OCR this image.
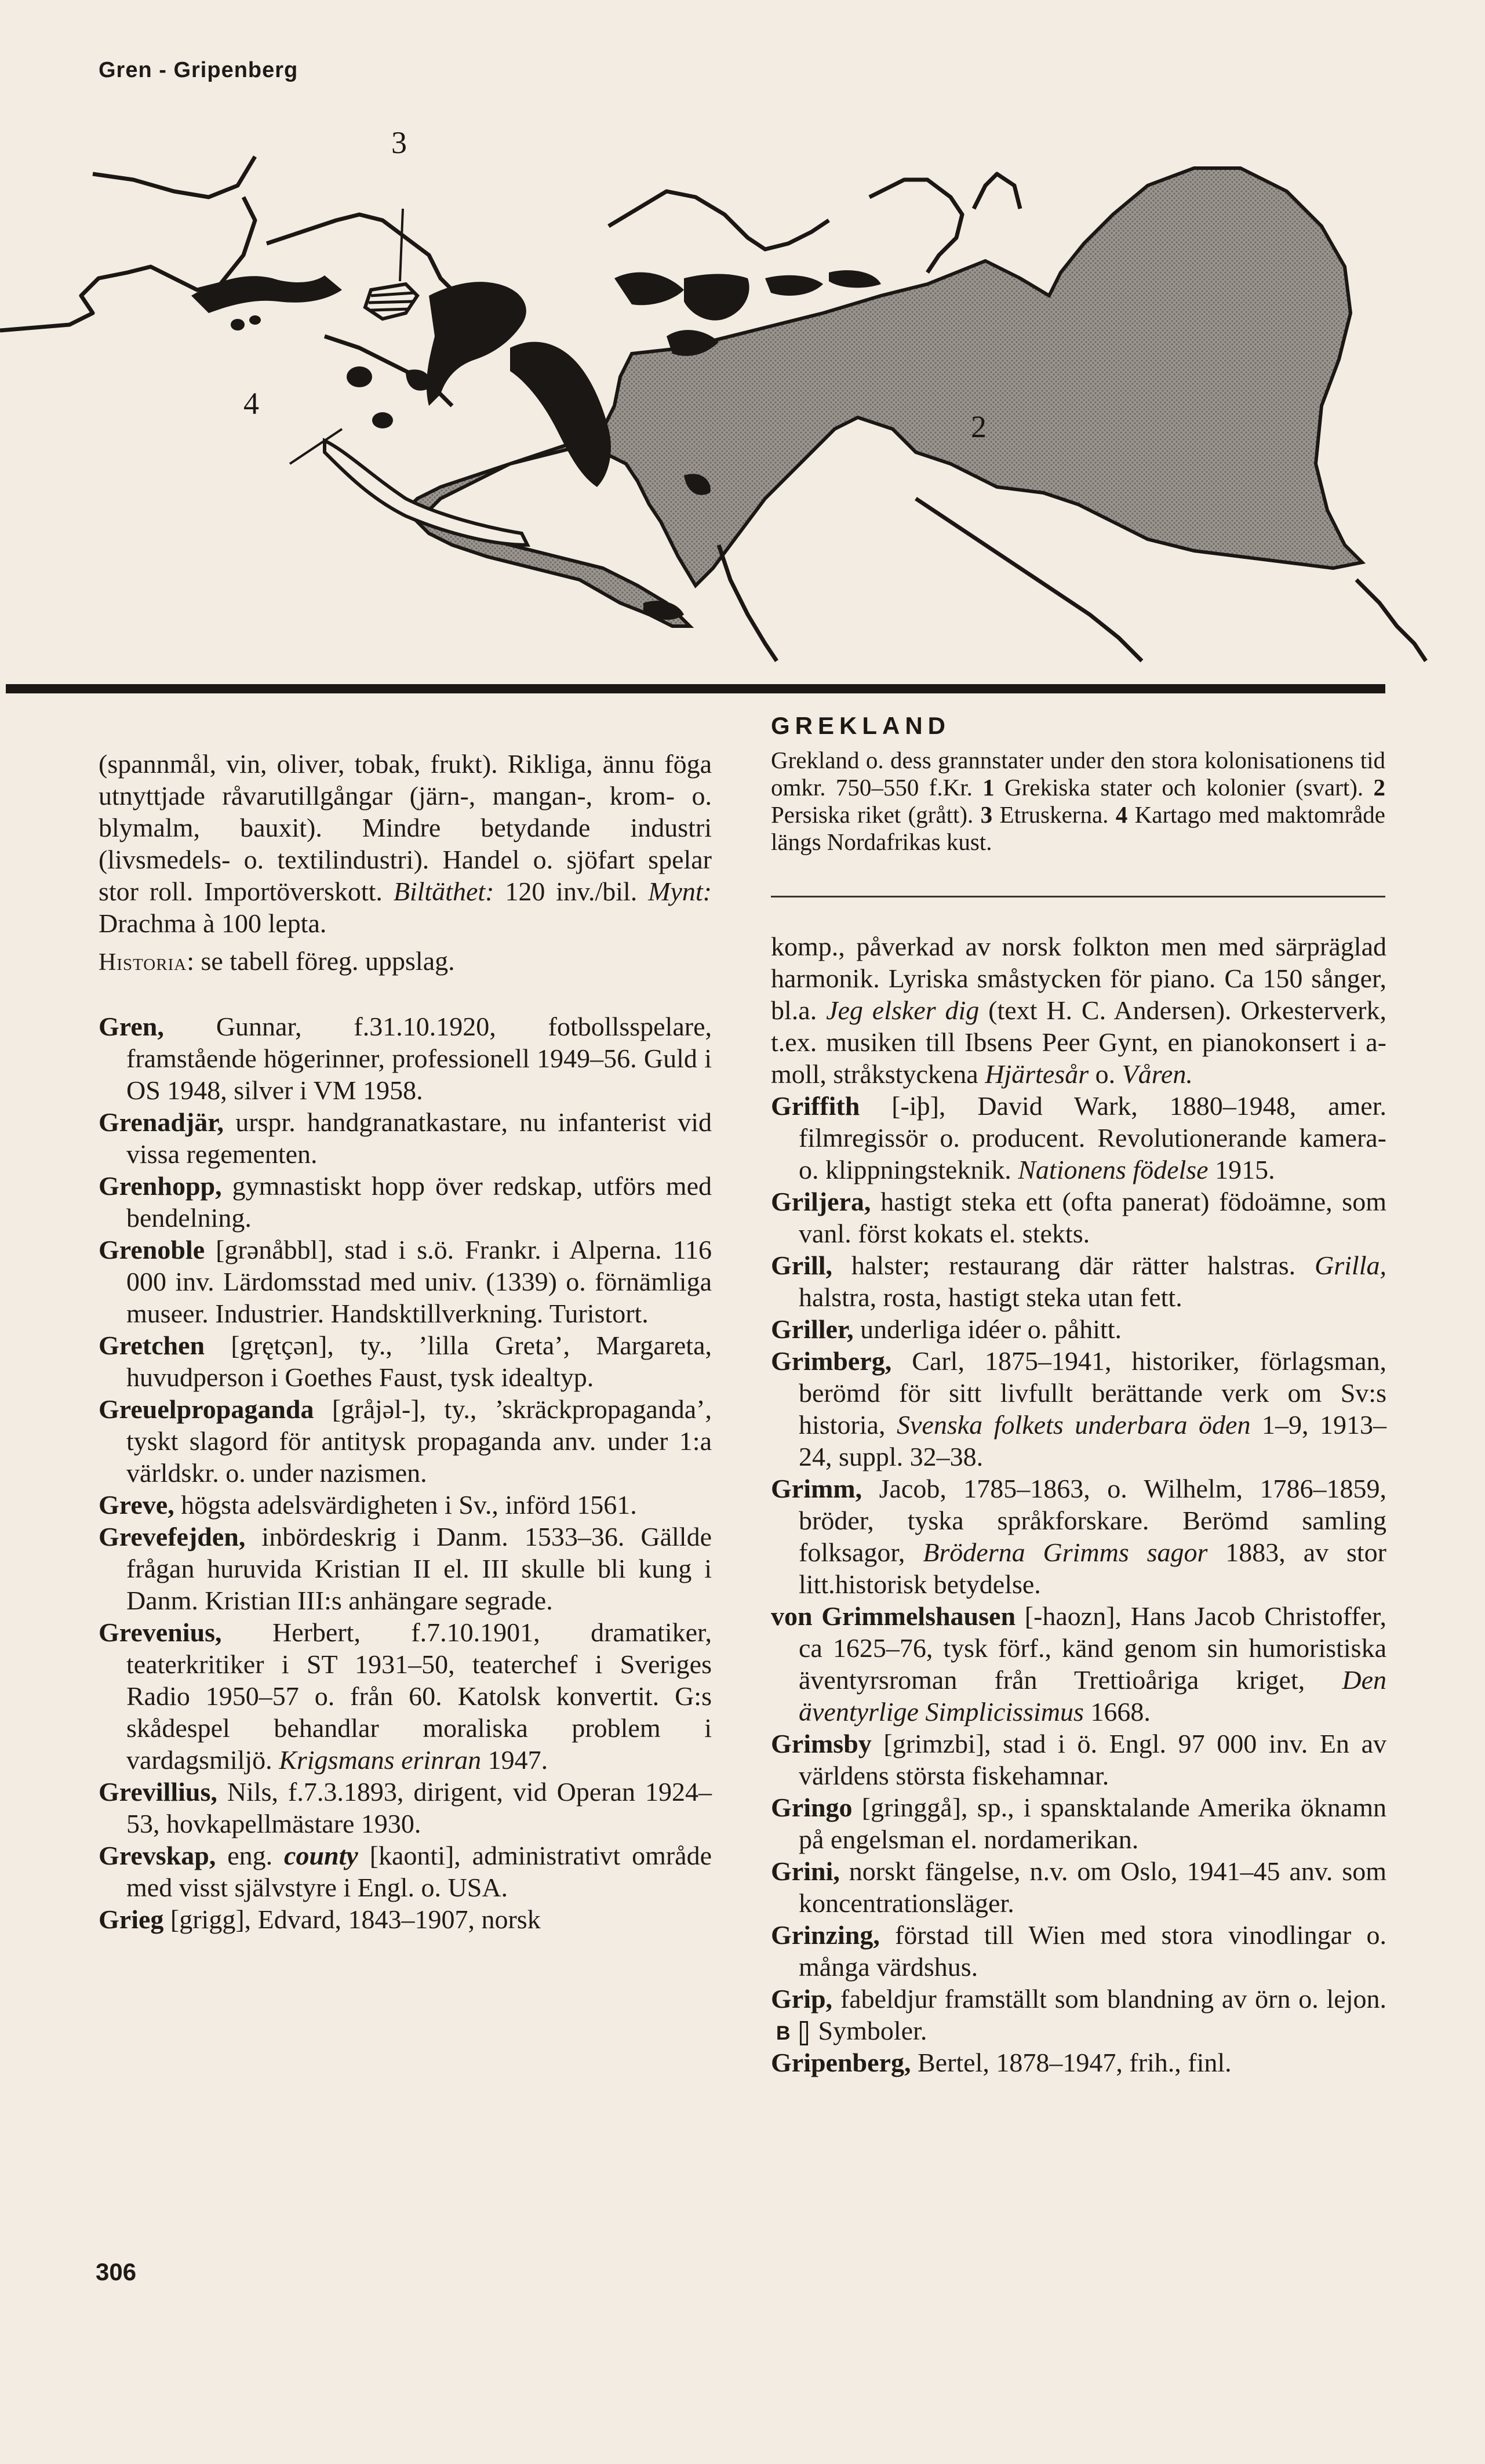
Gren - Gripenberg
1
2
3
4
GREKLAND
Grekland o. dess grannstater under den stora kolonisationens tid omkr. 750–550 f.Kr. 1 Grekiska stater och kolonier (svart). 2 Persiska riket (grått). 3 Etruskerna. 4 Kartago med maktområde längs Nordafrikas kust.

(spannmål, vin, oliver, tobak, frukt). Rikliga, ännu föga utnyttjade råvarutillgångar (järn-, mangan-, krom- o. blymalm, bauxit). Mindre betydande industri (livsmedels- o. textilindustri). Handel o. sjöfart spelar stor roll. Importöverskott. Biltäthet: 120 inv./bil. Mynt: Drachma à 100 lepta.

Historia: se tabell föreg. uppslag.

Gren, Gunnar, f.31.10.1920, fotbollsspelare, framstående högerinner, professionell 1949–56. Guld i OS 1948, silver i VM 1958.

Grenadjär, urspr. handgranatkastare, nu infanterist vid vissa regementen.

Grenhopp, gymnastiskt hopp över redskap, utförs med bendelning.

Grenoble [grənåbbl], stad i s.ö. Frankr. i Alperna. 116 000 inv. Lärdomsstad med univ. (1339) o. förnämliga museer. Industrier. Handsktillverkning. Turistort.

Gretchen [grętçən], ty., ’lilla Greta’, Margareta, huvudperson i Goethes Faust, tysk idealtyp.

Greuelpropaganda [gråjəl-], ty., ’skräckpropaganda’, tyskt slagord för antitysk propaganda anv. under 1:a världskr. o. under nazismen.

Greve, högsta adelsvärdigheten i Sv., införd 1561.

Grevefejden, inbördeskrig i Danm. 1533–36. Gällde frågan huruvida Kristian II el. III skulle bli kung i Danm. Kristian III:s anhängare segrade.

Grevenius, Herbert, f.7.10.1901, dramatiker, teaterkritiker i ST 1931–50, teaterchef i Sveriges Radio 1950–57 o. från 60. Katolsk konvertit. G:s skådespel behandlar moraliska problem i vardagsmiljö. Krigsmans erinran 1947.

Grevillius, Nils, f.7.3.1893, dirigent, vid Operan 1924–53, hovkapellmästare 1930.

Grevskap, eng. county [kaonti], administrativt område med visst självstyre i Engl. o. USA.

Grieg [grigg], Edvard, 1843–1907, norsk

komp., påverkad av norsk folkton men med särpräglad harmonik. Lyriska småstycken för piano. Ca 150 sånger, bl.a. Jeg elsker dig (text H. C. Andersen). Orkesterverk, t.ex. musiken till Ibsens Peer Gynt, en pianokonsert i a-moll, stråkstyckena Hjärtesår o. Våren.

Griffith [-iþ], David Wark, 1880–1948, amer. filmregissör o. producent. Revolutionerande kamera- o. klippningsteknik. Nationens födelse 1915.

Griljera, hastigt steka ett (ofta panerat) födoämne, som vanl. först kokats el. stekts.

Grill, halster; restaurang där rätter halstras. Grilla, halstra, rosta, hastigt steka utan fett.

Griller, underliga idéer o. påhitt.

Grimberg, Carl, 1875–1941, historiker, förlagsman, berömd för sitt livfullt berättande verk om Sv:s historia, Svenska folkets underbara öden 1–9, 1913–24, suppl. 32–38.

Grimm, Jacob, 1785–1863, o. Wilhelm, 1786–1859, bröder, tyska språkforskare. Berömd samling folksagor, Bröderna Grimms sagor 1883, av stor litt.historisk betydelse.

von Grimmelshausen [-haozn], Hans Jacob Christoffer, ca 1625–76, tysk förf., känd genom sin humoristiska äventyrsroman från Trettioåriga kriget, Den äventyrlige Simplicissimus 1668.

Grimsby [grimzbi], stad i ö. Engl. 97 000 inv. En av världens största fiskehamnar.

Gringo [gringgå], sp., i spansktalande Amerika öknamn på engelsman el. nordamerikan.

Grini, norskt fängelse, n.v. om Oslo, 1941–45 anv. som koncentrationsläger.

Grinzing, förstad till Wien med stora vinodlingar o. många värdshus.

Grip, fabeldjur framställt som blandning av örn o. lejon. B Symboler.

Gripenberg, Bertel, 1878–1947, frih., finl.

306
